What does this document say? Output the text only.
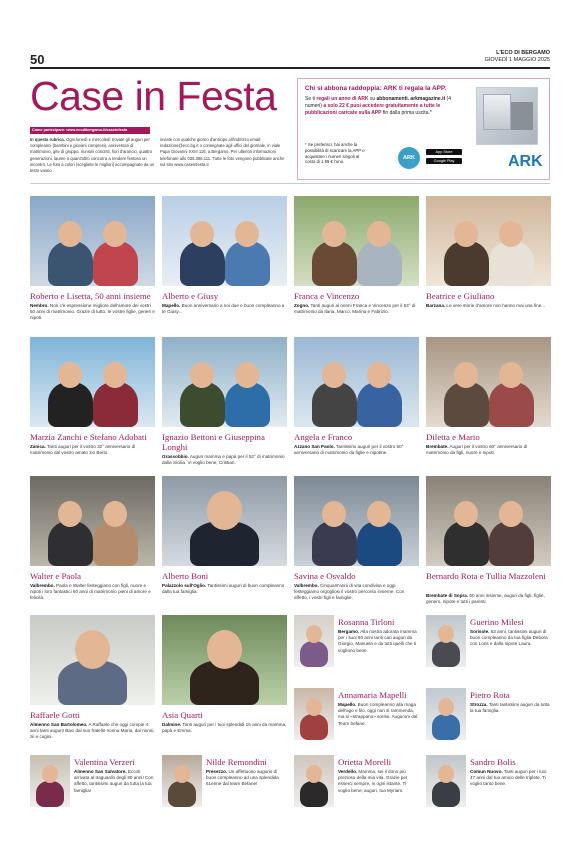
50	L'ECO DI BERGAMO
GIOVEDÌ 1 MAGGIO 2025
Case in Festa
Come partecipare: www.ecodibergamo.it/caseinfesta
In questa rubrica. Ogni lunedì e mercoledì trovate gli auguri per compleanni (bambini e giovani compresi), anniversari di matrimonio, gite di gruppo, riunioni coscritti, fiori d'arancio, quattro generazioni, lauree o quant'altro concorra a rendere festoso un incontro. Le foto a colori (scegliete le migliori) accompagnate da un testo vanno
inviate con qualche giorno d'anticipo all'indirizzo email: redazione@eco.bg.it o consegnate agli uffici del giornale, in viale Papa Giovanni XXIII 118, a Bergamo. Per ulteriori informazioni telefonare allo 035.386.111. Tutte le foto vengono pubblicate anche sul sito www.caseinfesta.it
Chi si abbona raddoppia: ARK ti regala la APP.
Se ti regali un anno di ARK su abbonamenti. arkmagazine.it (4 numeri) a solo 22 € puoi accedere gratuitamente a tutte le pubblicazioni caricate sulla APP fin dalla prima uscita.*
* Se preferisci, hai anche la possibilità di scaricare la APP e acquistare i numeri singoli al costo di 1,99 € l'uno.
ARK
App Store
Google Play	ARK
Roberto e Lisetta, 50 anni insieme
Nembro. Non c'è espressione migliore dell'amore dei vostri 50 anni di matrimonio. Grazie di tutto, le vostre figlie, generi e nipoti.
Alberto e Giusy
Mapello. Buon anniversario a noi due e buon compleanno a te Giusy...
Franca e Vincenzo
Zogno. Tanti auguri ai nonni Franca e Vincenzo per il 53° di matrimonio da Ilaria, Marco, Marina e Fabrizio.
Beatrice e Giuliano
Barzana. Le vere storie d'amore non hanno mai una fine...
Marzia Zanchi e Stefano Adobati
Zanica. Tanti auguri per il vostro 32° anniversario di matrimonio dal vostro amato zio Berto.
Ignazio Bettoni e Giuseppina Longhi
Grassobbio. Auguri mamma e papà per il 52° di matrimonio dalla Sicilia. Vi voglio bene, Cristian.
Angela e Franco
Azzano San Paolo. Tantissimi auguri per il vostro 50° anniversario di matrimonio da figlie e nipotine.
Diletta e Mario
Brembate. Auguri per il vostro 60° anniversario di matrimonio da figli, nuore e nipoti.
Walter e Paola
Valbrembo. Paola e Walter festeggiano con figli, nuore e nipoti i loro fantastici 60 anni di matrimonio pieni di amore e felicità.
Alberto Boni
Palazzolo sull'Oglio. Tantissimi auguri di buon compleanno dalla tua famiglia.
Savina e Osvaldo
Valbrembo. Cinquant'anni di vita condivisa e oggi festeggiamo orgogliosi il vostro percorso insieme. Con affetto, i vostri figli e famiglie.
Bernardo Rota e Tullia Mazzoleni
Brembate di Sopra. 60 anni insieme, auguri da figli, figlie, genero, nipote e tutti i parenti.
Raffaele Gotti
Almenno San Bartolomeo. A Raffaele che oggi compie 4 anni tanti auguri! Baci dal suo fratello nonna Maria, dai nonni, zii e cugini.
Asia Quarti
Dalmine. Tanti auguri per i tuoi splendidi 15 anni da mamma, papà e Emma.
Rosanna Tirloni
Bergamo. Alla nostra adorata mamma per i suoi 80 anni tanti cari auguri da Giorgio, Manuela e da tutti quelli che ti vogliono bene.
Guerino Milesi
Sorisole. 83 anni, tantissimi auguri di buon compleanno da tua figlia Debora con Loris e dalla nipote Laura.
Annamaria Mapelli
Mapello. Buon compleanno alla maga dell'ago e filo, oggi non si rammenda, ma si «strappano» sorrisi. Auguroni dal Team befane.
Pietro Rota
Strozza. Tanti tantissimi auguri da tutta la tua famiglia.
Valentina Verzeri
Almenno San Salvatore. Eccoti arrivata al traguardo degli 80 anni! Con affetto, tantissimi auguri da tutta la tua famiglia!
Nilde Remondini
Presezzo. Un affettuoso augurio di buon compleanno ad una splendida 61enne dal team Befane!
Orietta Morelli
Verdello. Mamma, sei il dono più prezioso della mia vita. Grazie per esserci sempre, in ogni istante. Ti voglio bene; auguri, tua Myriam.
Sandro Bolis
Comun Nuovo. Tanti auguri per i tuoi 47 anni dal tuo amico delle triplete. Ti voglio tanto bene.
